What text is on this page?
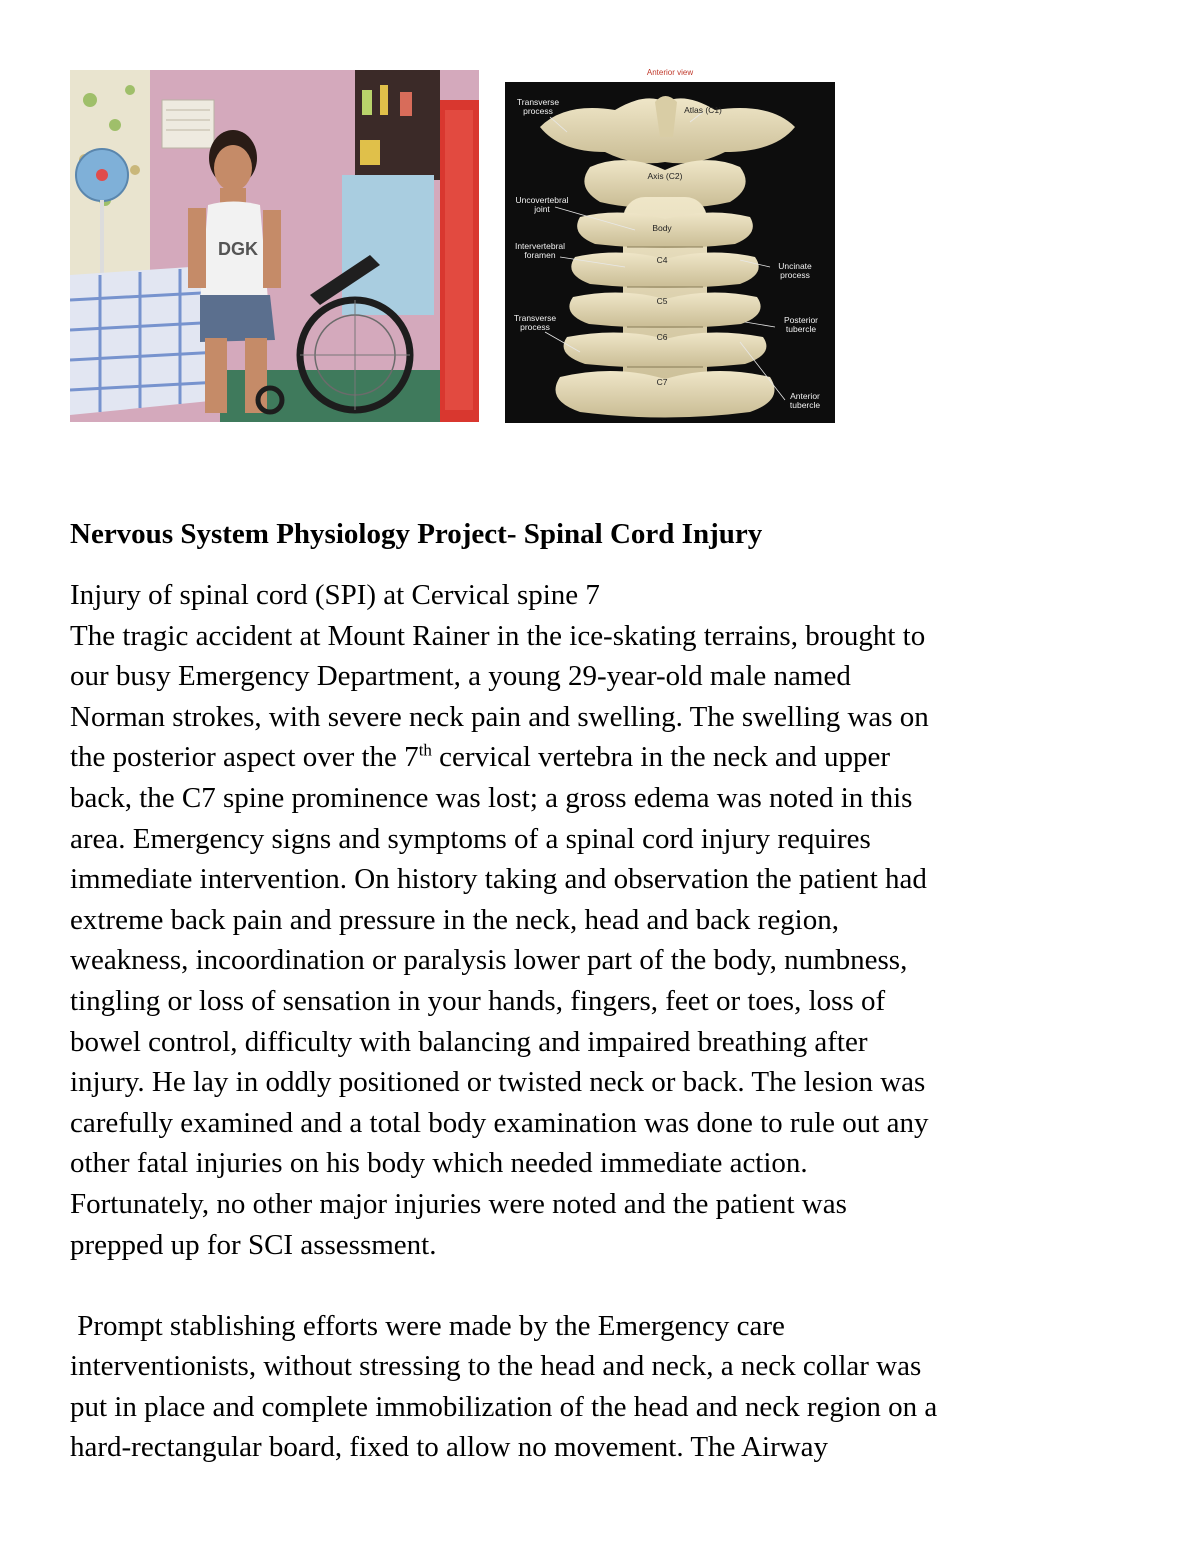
DGK
Anterior view
Transverse process	Atlas (C1)
Axis (C2)
Uncovertebral joint
Body
Intervertebral foramen	C4
Uncinate process
C5
Transverse process
Posterior tubercle
C6
C7
Anterior tubercle
Nervous System Physiology Project- Spinal Cord Injury

Injury of spinal cord (SPI) at Cervical spine 7

The tragic accident at Mount Rainer in the ice-skating terrains, brought to

our busy Emergency Department, a young 29-year-old male named

Norman strokes, with severe neck pain and swelling. The swelling was on

the posterior aspect over the 7th cervical vertebra in the neck and upper

back, the C7 spine prominence was lost; a gross edema was noted in this

area. Emergency signs and symptoms of a spinal cord injury requires

immediate intervention. On history taking and observation the patient had

extreme back pain and pressure in the neck, head and back region,

weakness, incoordination or paralysis lower part of the body, numbness,

tingling or loss of sensation in your hands, fingers, feet or toes, loss of

bowel control, difficulty with balancing and impaired breathing after

injury. He lay in oddly positioned or twisted neck or back. The lesion was

carefully examined and a total body examination was done to rule out any

other fatal injuries on his body which needed immediate action.

Fortunately, no other major injuries were noted and the patient was

prepped up for SCI assessment.

Prompt stablishing efforts were made by the Emergency care

interventionists, without stressing to the head and neck, a neck collar was

put in place and complete immobilization of the head and neck region on a

hard-rectangular board, fixed to allow no movement. The Airway
